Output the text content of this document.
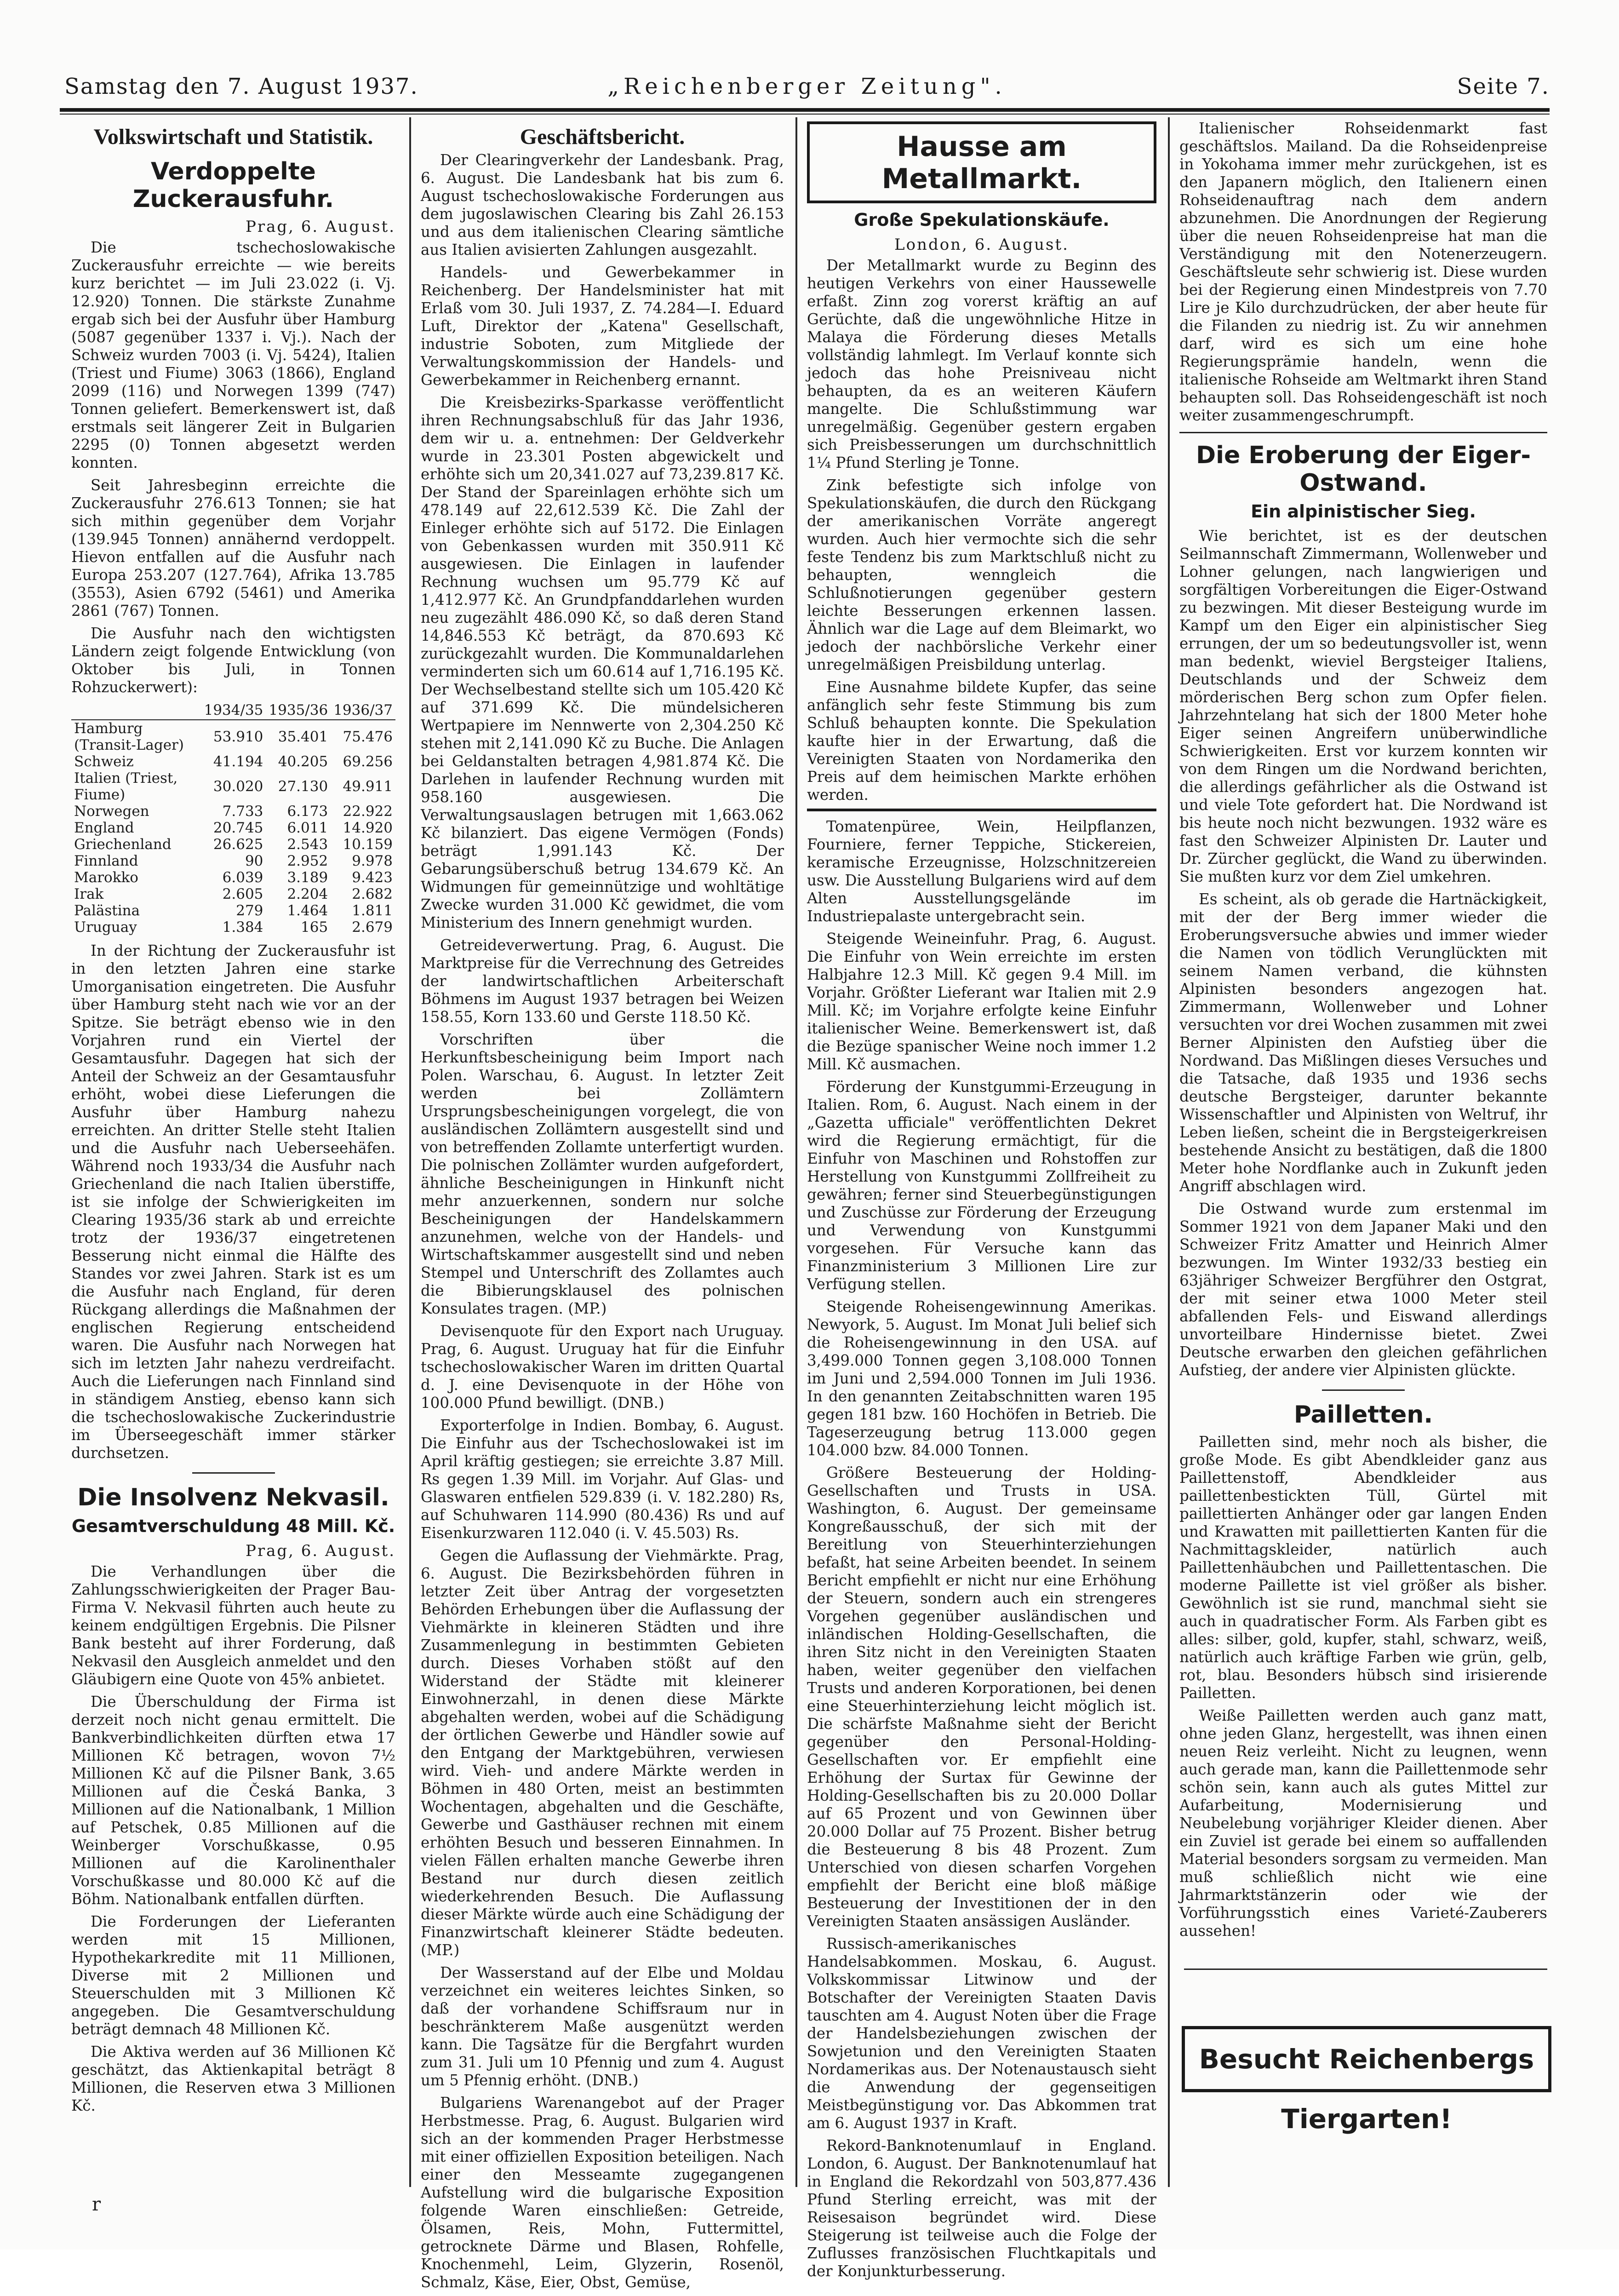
Samstag den 7. August 1937.	„Reichenberger Zeitung".	Seite 7.
Volkswirtschaft und Statistik.
Verdoppelte Zuckerausfuhr.
Prag, 6. August.

Die tschechoslowakische Zuckerausfuhr erreichte — wie bereits kurz berichtet — im Juli 23.022 (i. Vj. 12.920) Tonnen. Die stärkste Zunahme ergab sich bei der Ausfuhr über Hamburg (5087 gegenüber 1337 i. Vj.). Nach der Schweiz wurden 7003 (i. Vj. 5424), Italien (Triest und Fiume) 3063 (1866), England 2099 (116) und Norwegen 1399 (747) Tonnen geliefert. Bemerkenswert ist, daß erstmals seit längerer Zeit in Bulgarien 2295 (0) Tonnen abgesetzt werden konnten.

Seit Jahresbeginn erreichte die Zuckerausfuhr 276.613 Tonnen; sie hat sich mithin gegenüber dem Vorjahr (139.945 Tonnen) annähernd verdoppelt. Hievon entfallen auf die Ausfuhr nach Europa 253.207 (127.764), Afrika 13.785 (3553), Asien 6792 (5461) und Amerika 2861 (767) Tonnen.

Die Ausfuhr nach den wichtigsten Ländern zeigt folgende Entwicklung (von Oktober bis Juli, in Tonnen Rohzuckerwert):

	1934/35	1935/36	1936/37
Hamburg (Transit-Lager)	53.910	35.401	75.476
Schweiz	41.194	40.205	69.256
Italien (Triest, Fiume)	30.020	27.130	49.911
Norwegen	7.733	6.173	22.922
England	20.745	6.011	14.920
Griechenland	26.625	2.543	10.159
Finnland	90	2.952	9.978
Marokko	6.039	3.189	9.423
Irak	2.605	2.204	2.682
Palästina	279	1.464	1.811
Uruguay	1.384	165	2.679

In der Richtung der Zuckerausfuhr ist in den letzten Jahren eine starke Umorganisation eingetreten. Die Ausfuhr über Hamburg steht nach wie vor an der Spitze. Sie beträgt ebenso wie in den Vorjahren rund ein Viertel der Gesamtausfuhr. Dagegen hat sich der Anteil der Schweiz an der Gesamtausfuhr erhöht, wobei diese Lieferungen die Ausfuhr über Hamburg nahezu erreichten. An dritter Stelle steht Italien und die Ausfuhr nach Ueberseehäfen. Während noch 1933/34 die Ausfuhr nach Griechenland die nach Italien überstiffe, ist sie infolge der Schwierigkeiten im Clearing 1935/36 stark ab und erreichte trotz der 1936/37 eingetretenen Besserung nicht einmal die Hälfte des Standes vor zwei Jahren. Stark ist es um die Ausfuhr nach England, für deren Rückgang allerdings die Maßnahmen der englischen Regierung entscheidend waren. Die Ausfuhr nach Norwegen hat sich im letzten Jahr nahezu verdreifacht. Auch die Lieferungen nach Finnland sind in ständigem Anstieg, ebenso kann sich die tschechoslowakische Zuckerindustrie im Überseegeschäft immer stärker durchsetzen.

Die Insolvenz Nekvasil.
Gesamtverschuldung 48 Mill. Kč.
Prag, 6. August.

Die Verhandlungen über die Zahlungsschwierigkeiten der Prager Bau-Firma V. Nekvasil führten auch heute zu keinem endgültigen Ergebnis. Die Pilsner Bank besteht auf ihrer Forderung, daß Nekvasil den Ausgleich anmeldet und den Gläubigern eine Quote von 45% anbietet.

Die Überschuldung der Firma ist derzeit noch nicht genau ermittelt. Die Bankverbindlichkeiten dürften etwa 17 Millionen Kč betragen, wovon 7½ Millionen Kč auf die Pilsner Bank, 3.65 Millionen auf die Česká Banka, 3 Millionen auf die Nationalbank, 1 Million auf Petschek, 0.85 Millionen auf die Weinberger Vorschußkasse, 0.95 Millionen auf die Karolinenthaler Vorschußkasse und 80.000 Kč auf die Böhm. Nationalbank entfallen dürften.

Die Forderungen der Lieferanten werden mit 15 Millionen, Hypothekarkredite mit 11 Millionen, Diverse mit 2 Millionen und Steuerschulden mit 3 Millionen Kč angegeben. Die Gesamtverschuldung beträgt demnach 48 Millionen Kč.

Die Aktiva werden auf 36 Millionen Kč geschätzt, das Aktienkapital beträgt 8 Millionen, die Reserven etwa 3 Millionen Kč.

Geschäftsbericht.

Der Clearingverkehr der Landesbank. Prag, 6. August. Die Landesbank hat bis zum 6. August tschechoslowakische Forderungen aus dem jugoslawischen Clearing bis Zahl 26.153 und aus dem italienischen Clearing sämtliche aus Italien avisierten Zahlungen ausgezahlt.

Handels- und Gewerbekammer in Reichenberg. Der Handelsminister hat mit Erlaß vom 30. Juli 1937, Z. 74.284—I. Eduard Luft, Direktor der „Katena" Gesellschaft, industrie Soboten, zum Mitgliede der Verwaltungskommission der Handels- und Gewerbekammer in Reichenberg ernannt.

Die Kreisbezirks-Sparkasse veröffentlicht ihren Rechnungsabschluß für das Jahr 1936, dem wir u. a. entnehmen: Der Geldverkehr wurde in 23.301 Posten abgewickelt und erhöhte sich um 20,341.027 auf 73,239.817 Kč. Der Stand der Spareinlagen erhöhte sich um 478.149 auf 22,612.539 Kč. Die Zahl der Einleger erhöhte sich auf 5172. Die Einlagen von Gebenkassen wurden mit 350.911 Kč ausgewiesen. Die Einlagen in laufender Rechnung wuchsen um 95.779 Kč auf 1,412.977 Kč. An Grundpfanddarlehen wurden neu zugezählt 486.090 Kč, so daß deren Stand 14,846.553 Kč beträgt, da 870.693 Kč zurückgezahlt wurden. Die Kommunaldarlehen verminderten sich um 60.614 auf 1,716.195 Kč. Der Wechselbestand stellte sich um 105.420 Kč auf 371.699 Kč. Die mündelsicheren Wertpapiere im Nennwerte von 2,304.250 Kč stehen mit 2,141.090 Kč zu Buche. Die Anlagen bei Geldanstalten betragen 4,981.874 Kč. Die Darlehen in laufender Rechnung wurden mit 958.160 ausgewiesen. Die Verwaltungsauslagen betrugen mit 1,663.062 Kč bilanziert. Das eigene Vermögen (Fonds) beträgt 1,991.143 Kč. Der Gebarungsüberschuß betrug 134.679 Kč. An Widmungen für gemeinnützige und wohltätige Zwecke wurden 31.000 Kč gewidmet, die vom Ministerium des Innern genehmigt wurden.

Getreideverwertung. Prag, 6. August. Die Marktpreise für die Verrechnung des Getreides der landwirtschaftlichen Arbeiterschaft Böhmens im August 1937 betragen bei Weizen 158.55, Korn 133.60 und Gerste 118.50 Kč.

Vorschriften über die Herkunftsbescheinigung beim Import nach Polen. Warschau, 6. August. In letzter Zeit werden bei Zollämtern Ursprungsbescheinigungen vorgelegt, die von ausländischen Zollämtern ausgestellt sind und von betreffenden Zollamte unterfertigt wurden. Die polnischen Zollämter wurden aufgefordert, ähnliche Bescheinigungen in Hinkunft nicht mehr anzuerkennen, sondern nur solche Bescheinigungen der Handelskammern anzunehmen, welche von der Handels- und Wirtschaftskammer ausgestellt sind und neben Stempel und Unterschrift des Zollamtes auch die Bibierungsklausel des polnischen Konsulates tragen. (MP.)

Devisenquote für den Export nach Uruguay. Prag, 6. August. Uruguay hat für die Einfuhr tschechoslowakischer Waren im dritten Quartal d. J. eine Devisenquote in der Höhe von 100.000 Pfund bewilligt. (DNB.)

Exporterfolge in Indien. Bombay, 6. August. Die Einfuhr aus der Tschechoslowakei ist im April kräftig gestiegen; sie erreichte 3.87 Mill. Rs gegen 1.39 Mill. im Vorjahr. Auf Glas- und Glaswaren entfielen 529.839 (i. V. 182.280) Rs, auf Schuhwaren 114.990 (80.436) Rs und auf Eisenkurzwaren 112.040 (i. V. 45.503) Rs.

Gegen die Auflassung der Viehmärkte. Prag, 6. August. Die Bezirksbehörden führen in letzter Zeit über Antrag der vorgesetzten Behörden Erhebungen über die Auflassung der Viehmärkte in kleineren Städten und ihre Zusammenlegung in bestimmten Gebieten durch. Dieses Vorhaben stößt auf den Widerstand der Städte mit kleinerer Einwohnerzahl, in denen diese Märkte abgehalten werden, wobei auf die Schädigung der örtlichen Gewerbe und Händler sowie auf den Entgang der Marktgebühren, verwiesen wird. Vieh- und andere Märkte werden in Böhmen in 480 Orten, meist an bestimmten Wochentagen, abgehalten und die Geschäfte, Gewerbe und Gasthäuser rechnen mit einem erhöhten Besuch und besseren Einnahmen. In vielen Fällen erhalten manche Gewerbe ihren Bestand nur durch diesen zeitlich wiederkehrenden Besuch. Die Auflassung dieser Märkte würde auch eine Schädigung der Finanzwirtschaft kleinerer Städte bedeuten. (MP.)

Der Wasserstand auf der Elbe und Moldau verzeichnet ein weiteres leichtes Sinken, so daß der vorhandene Schiffsraum nur in beschränkterem Maße ausgenützt werden kann. Die Tagsätze für die Bergfahrt wurden zum 31. Juli um 10 Pfennig und zum 4. August um 5 Pfennig erhöht. (DNB.)

Bulgariens Warenangebot auf der Prager Herbstmesse. Prag, 6. August. Bulgarien wird sich an der kommenden Prager Herbstmesse mit einer offiziellen Exposition beteiligen. Nach einer den Messeamte zugegangenen Aufstellung wird die bulgarische Exposition folgende Waren einschließen: Getreide, Ölsamen, Reis, Mohn, Futtermittel, getrocknete Därme und Blasen, Rohfelle, Knochenmehl, Leim, Glyzerin, Rosenöl, Schmalz, Käse, Eier, Obst, Gemüse,

Hausse am Metallmarkt.
Große Spekulationskäufe.
London, 6. August.

Der Metallmarkt wurde zu Beginn des heutigen Verkehrs von einer Haussewelle erfaßt. Zinn zog vorerst kräftig an auf Gerüchte, daß die ungewöhnliche Hitze in Malaya die Förderung dieses Metalls vollständig lahmlegt. Im Verlauf konnte sich jedoch das hohe Preisniveau nicht behaupten, da es an weiteren Käufern mangelte. Die Schlußstimmung war unregelmäßig. Gegenüber gestern ergaben sich Preisbesserungen um durchschnittlich 1¼ Pfund Sterling je Tonne.

Zink befestigte sich infolge von Spekulationskäufen, die durch den Rückgang der amerikanischen Vorräte angeregt wurden. Auch hier vermochte sich die sehr feste Tendenz bis zum Marktschluß nicht zu behaupten, wenngleich die Schlußnotierungen gegenüber gestern leichte Besserungen erkennen lassen. Ähnlich war die Lage auf dem Bleimarkt, wo jedoch der nachbörsliche Verkehr einer unregelmäßigen Preisbildung unterlag.

Eine Ausnahme bildete Kupfer, das seine anfänglich sehr feste Stimmung bis zum Schluß behaupten konnte. Die Spekulation kaufte hier in der Erwartung, daß die Vereinigten Staaten von Nordamerika den Preis auf dem heimischen Markte erhöhen werden.

Tomatenpüree, Wein, Heilpflanzen, Fourniere, ferner Teppiche, Stickereien, keramische Erzeugnisse, Holzschnitzereien usw. Die Ausstellung Bulgariens wird auf dem Alten Ausstellungsgelände im Industriepalaste untergebracht sein.

Steigende Weineinfuhr. Prag, 6. August. Die Einfuhr von Wein erreichte im ersten Halbjahre 12.3 Mill. Kč gegen 9.4 Mill. im Vorjahr. Größter Lieferant war Italien mit 2.9 Mill. Kč; im Vorjahre erfolgte keine Einfuhr italienischer Weine. Bemerkenswert ist, daß die Bezüge spanischer Weine noch immer 1.2 Mill. Kč ausmachen.

Förderung der Kunstgummi-Erzeugung in Italien. Rom, 6. August. Nach einem in der „Gazetta ufficiale" veröffentlichten Dekret wird die Regierung ermächtigt, für die Einfuhr von Maschinen und Rohstoffen zur Herstellung von Kunstgummi Zollfreiheit zu gewähren; ferner sind Steuerbegünstigungen und Zuschüsse zur Förderung der Erzeugung und Verwendung von Kunstgummi vorgesehen. Für Versuche kann das Finanzministerium 3 Millionen Lire zur Verfügung stellen.

Steigende Roheisengewinnung Amerikas. Newyork, 5. August. Im Monat Juli belief sich die Roheisengewinnung in den USA. auf 3,499.000 Tonnen gegen 3,108.000 Tonnen im Juni und 2,594.000 Tonnen im Juli 1936. In den genannten Zeitabschnitten waren 195 gegen 181 bzw. 160 Hochöfen in Betrieb. Die Tageserzeugung betrug 113.000 gegen 104.000 bzw. 84.000 Tonnen.

Größere Besteuerung der Holding-Gesellschaften und Trusts in USA. Washington, 6. August. Der gemeinsame Kongreßausschuß, der sich mit der Bereitlung von Steuerhinterziehungen befaßt, hat seine Arbeiten beendet. In seinem Bericht empfiehlt er nicht nur eine Erhöhung der Steuern, sondern auch ein strengeres Vorgehen gegenüber ausländischen und inländischen Holding-Gesellschaften, die ihren Sitz nicht in den Vereinigten Staaten haben, weiter gegenüber den vielfachen Trusts und anderen Korporationen, bei denen eine Steuerhinterziehung leicht möglich ist. Die schärfste Maßnahme sieht der Bericht gegenüber den Personal-Holding-Gesellschaften vor. Er empfiehlt eine Erhöhung der Surtax für Gewinne der Holding-Gesellschaften bis zu 20.000 Dollar auf 65 Prozent und von Gewinnen über 20.000 Dollar auf 75 Prozent. Bisher betrug die Besteuerung 8 bis 48 Prozent. Zum Unterschied von diesen scharfen Vorgehen empfiehlt der Bericht eine bloß mäßige Besteuerung der Investitionen der in den Vereinigten Staaten ansässigen Ausländer.

Russisch-amerikanisches Handelsabkommen. Moskau, 6. August. Volkskommissar Litwinow und der Botschafter der Vereinigten Staaten Davis tauschten am 4. August Noten über die Frage der Handelsbeziehungen zwischen der Sowjetunion und den Vereinigten Staaten Nordamerikas aus. Der Notenaustausch sieht die Anwendung der gegenseitigen Meistbegünstigung vor. Das Abkommen trat am 6. August 1937 in Kraft.

Rekord-Banknotenumlauf in England. London, 6. August. Der Banknotenumlauf hat in England die Rekordzahl von 503,877.436 Pfund Sterling erreicht, was mit der Reisesaison begründet wird. Diese Steigerung ist teilweise auch die Folge der Zuflusses französischen Fluchtkapitals und der Konjunkturbesserung.

Italienischer Rohseidenmarkt fast geschäftslos. Mailand. Da die Rohseidenpreise in Yokohama immer mehr zurückgehen, ist es den Japanern möglich, den Italienern einen Rohseidenauftrag nach dem andern abzunehmen. Die Anordnungen der Regierung über die neuen Rohseidenpreise hat man die Verständigung mit den Notenerzeugern. Geschäftsleute sehr schwierig ist. Diese wurden bei der Regierung einen Mindestpreis von 7.70 Lire je Kilo durchzudrücken, der aber heute für die Filanden zu niedrig ist. Zu wir annehmen darf, wird es sich um eine hohe Regierungsprämie handeln, wenn die italienische Rohseide am Weltmarkt ihren Stand behaupten soll. Das Rohseidengeschäft ist noch weiter zusammengeschrumpft.

Die Eroberung der Eiger-Ostwand.
Ein alpinistischer Sieg.

Wie berichtet, ist es der deutschen Seilmannschaft Zimmermann, Wollenweber und Lohner gelungen, nach langwierigen und sorgfältigen Vorbereitungen die Eiger-Ostwand zu bezwingen. Mit dieser Besteigung wurde im Kampf um den Eiger ein alpinistischer Sieg errungen, der um so bedeutungsvoller ist, wenn man bedenkt, wieviel Bergsteiger Italiens, Deutschlands und der Schweiz dem mörderischen Berg schon zum Opfer fielen. Jahrzehntelang hat sich der 1800 Meter hohe Eiger seinen Angreifern unüberwindliche Schwierigkeiten. Erst vor kurzem konnten wir von dem Ringen um die Nordwand berichten, die allerdings gefährlicher als die Ostwand ist und viele Tote gefordert hat. Die Nordwand ist bis heute noch nicht bezwungen. 1932 wäre es fast den Schweizer Alpinisten Dr. Lauter und Dr. Zürcher geglückt, die Wand zu überwinden. Sie mußten kurz vor dem Ziel umkehren.

Es scheint, als ob gerade die Hartnäckigkeit, mit der der Berg immer wieder die Eroberungsversuche abwies und immer wieder die Namen von tödlich Verunglückten mit seinem Namen verband, die kühnsten Alpinisten besonders angezogen hat. Zimmermann, Wollenweber und Lohner versuchten vor drei Wochen zusammen mit zwei Berner Alpinisten den Aufstieg über die Nordwand. Das Mißlingen dieses Versuches und die Tatsache, daß 1935 und 1936 sechs deutsche Bergsteiger, darunter bekannte Wissenschaftler und Alpinisten von Weltruf, ihr Leben ließen, scheint die in Bergsteigerkreisen bestehende Ansicht zu bestätigen, daß die 1800 Meter hohe Nordflanke auch in Zukunft jeden Angriff abschlagen wird.

Die Ostwand wurde zum erstenmal im Sommer 1921 von dem Japaner Maki und den Schweizer Fritz Amatter und Heinrich Almer bezwungen. Im Winter 1932/33 bestieg ein 63jähriger Schweizer Bergführer den Ostgrat, der mit seiner etwa 1000 Meter steil abfallenden Fels- und Eiswand allerdings unvorteilbare Hindernisse bietet. Zwei Deutsche erwarben den gleichen gefährlichen Aufstieg, der andere vier Alpinisten glückte.

Pailletten.

Pailletten sind, mehr noch als bisher, die große Mode. Es gibt Abendkleider ganz aus Paillettenstoff, Abendkleider aus paillettenbestickten Tüll, Gürtel mit paillettierten Anhänger oder gar langen Enden und Krawatten mit paillettierten Kanten für die Nachmittagskleider, natürlich auch Paillettenhäubchen und Paillettentaschen. Die moderne Paillette ist viel größer als bisher. Gewöhnlich ist sie rund, manchmal sieht sie auch in quadratischer Form. Als Farben gibt es alles: silber, gold, kupfer, stahl, schwarz, weiß, natürlich auch kräftige Farben wie grün, gelb, rot, blau. Besonders hübsch sind irisierende Pailletten.

Weiße Pailletten werden auch ganz matt, ohne jeden Glanz, hergestellt, was ihnen einen neuen Reiz verleiht. Nicht zu leugnen, wenn auch gerade man, kann die Paillettenmode sehr schön sein, kann auch als gutes Mittel zur Aufarbeitung, Modernisierung und Neubelebung vorjähriger Kleider dienen. Aber ein Zuviel ist gerade bei einem so auffallenden Material besonders sorgsam zu vermeiden. Man muß schließlich nicht wie eine Jahrmarktstänzerin oder wie der Vorführungsstich eines Varieté-Zauberers aussehen!

Besucht Reichenbergs Tiergarten!
r
